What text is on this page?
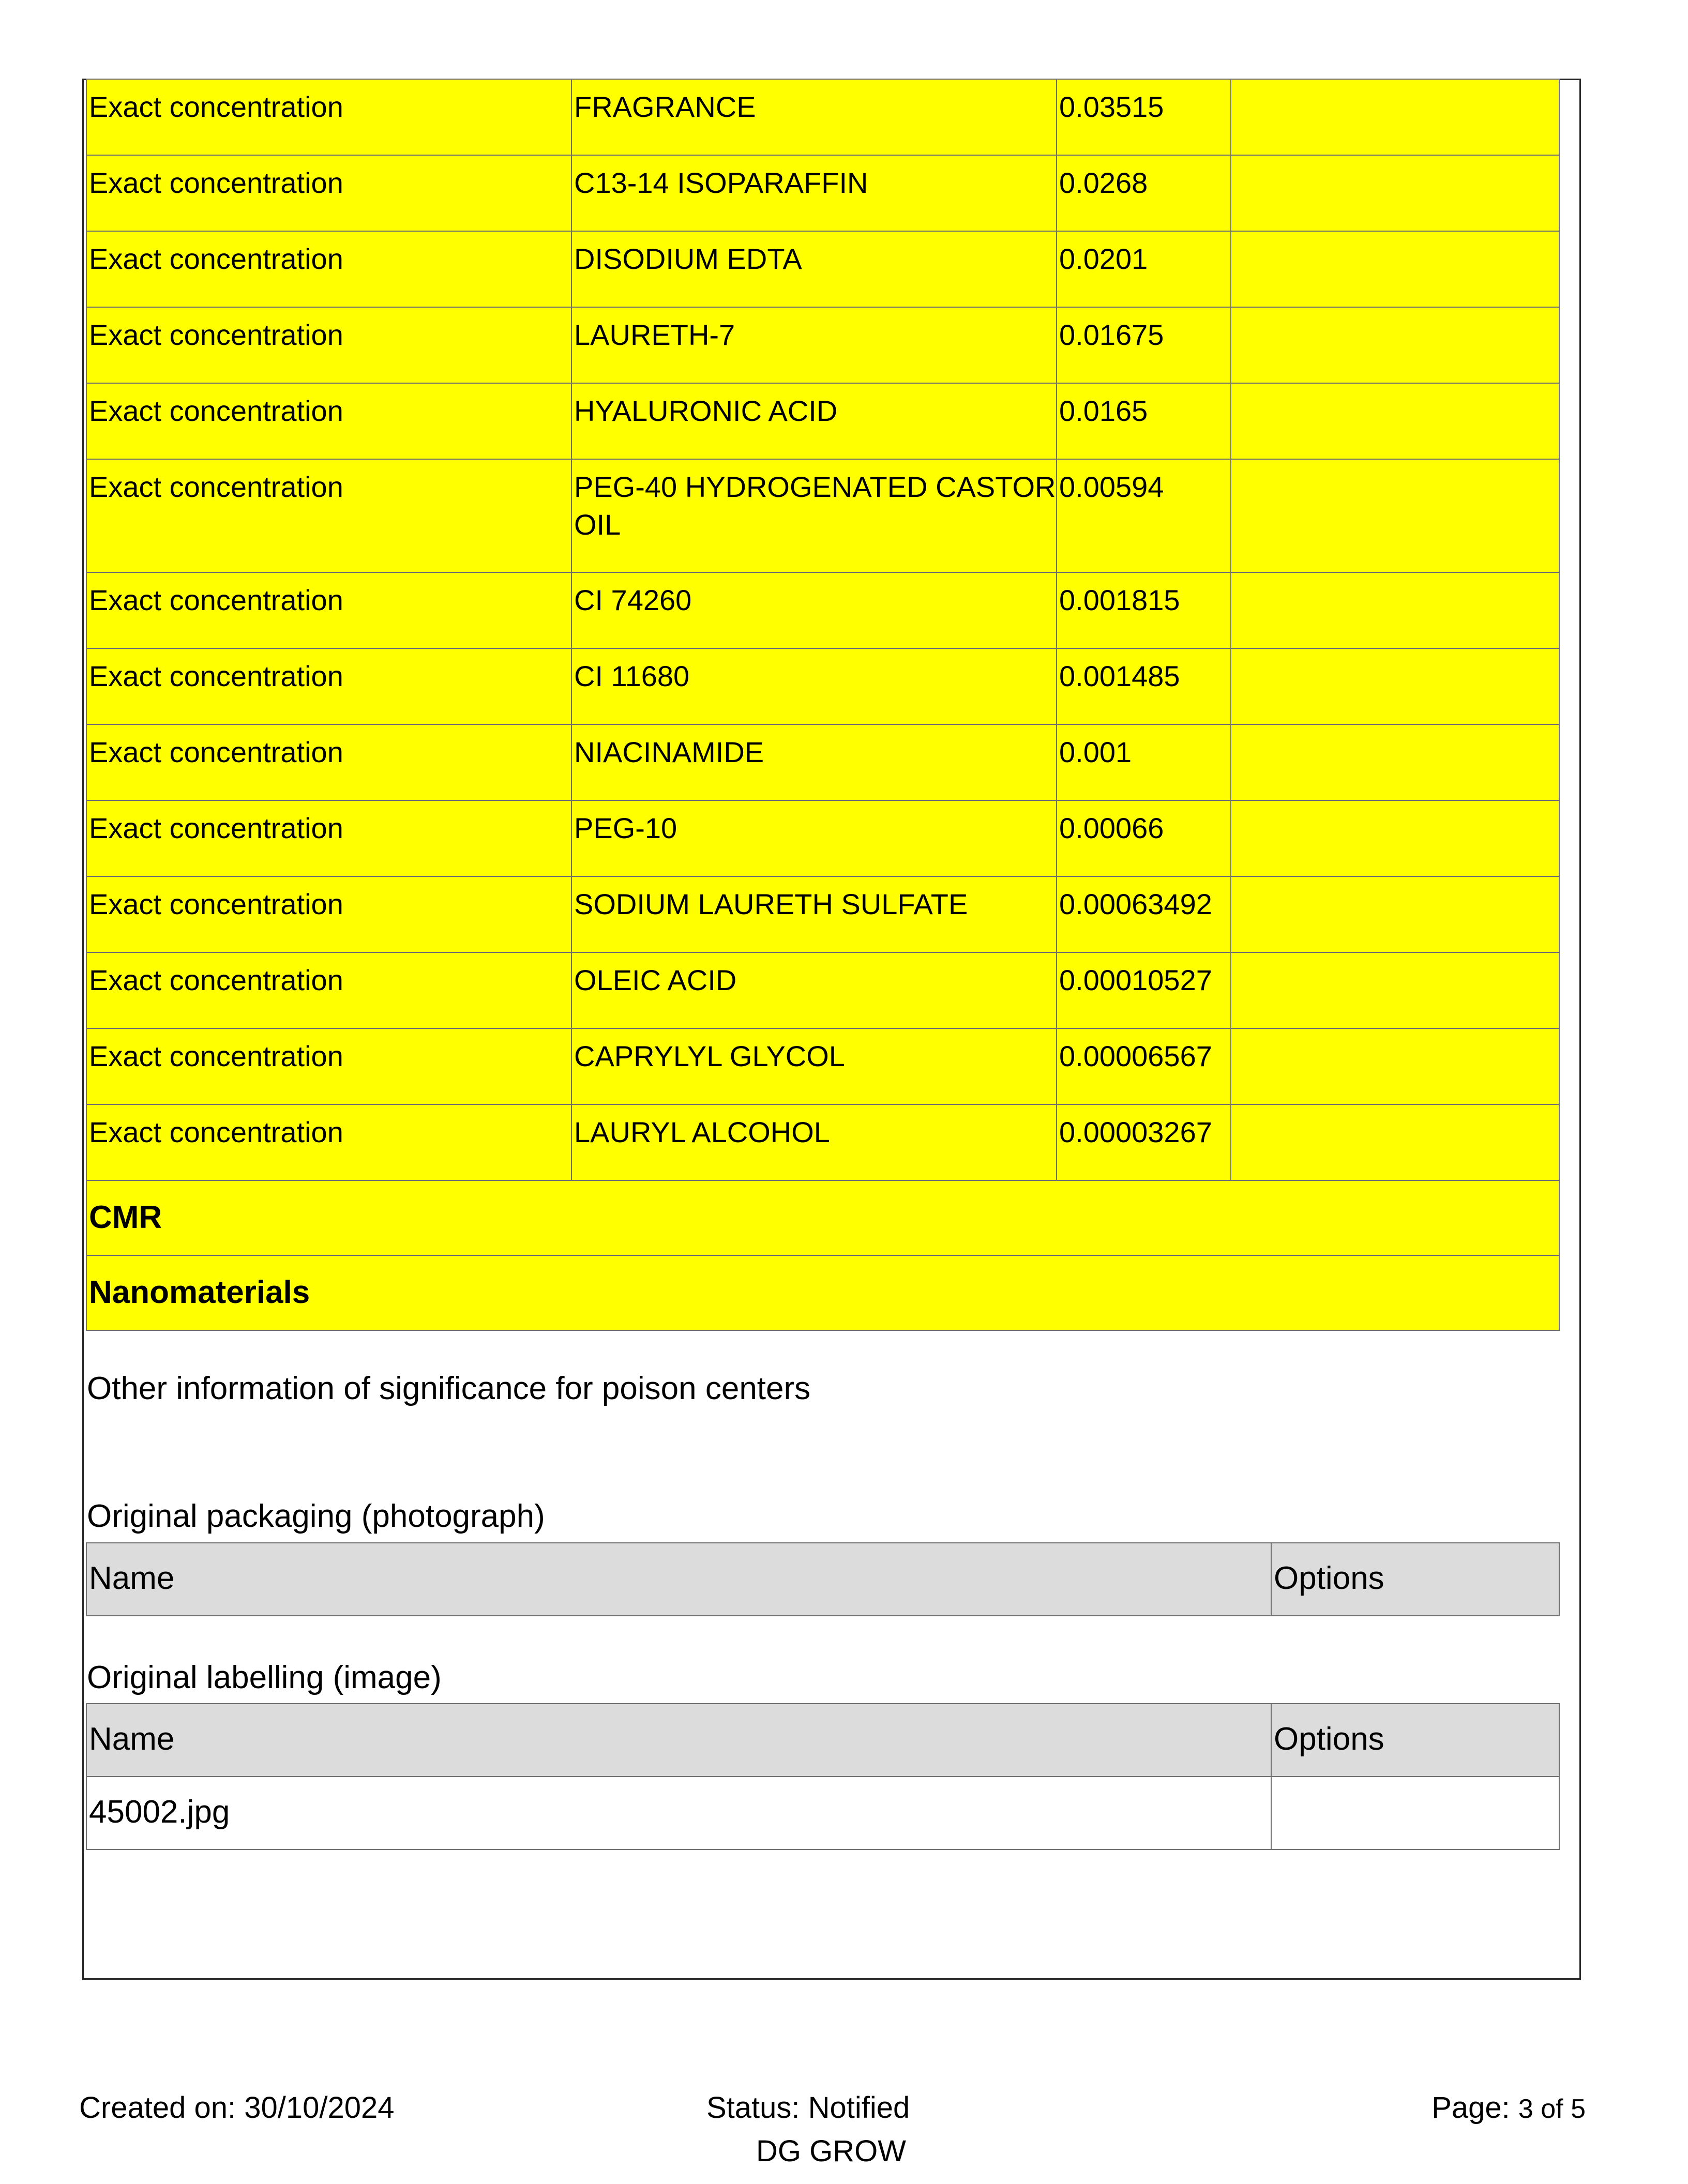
Exact concentration	FRAGRANCE	0.03515	
Exact concentration	C13-14 ISOPARAFFIN	0.0268	
Exact concentration	DISODIUM EDTA	0.0201	
Exact concentration	LAURETH-7	0.01675	
Exact concentration	HYALURONIC ACID	0.0165	
Exact concentration	PEG-40 HYDROGENATED CASTOR OIL	0.00594	
Exact concentration	CI 74260	0.001815	
Exact concentration	CI 11680	0.001485	
Exact concentration	NIACINAMIDE	0.001	
Exact concentration	PEG-10	0.00066	
Exact concentration	SODIUM LAURETH SULFATE	0.00063492	
Exact concentration	OLEIC ACID	0.00010527	
Exact concentration	CAPRYLYL GLYCOL	0.00006567	
Exact concentration	LAURYL ALCOHOL	0.00003267	
CMR			
Nanomaterials			
Other information of significance for poison centers
Original packaging (photograph)
Name	Options
Original labelling (image)
Name	Options
45002.jpg	
Created on: 30/10/2024	Status: Notified
DG GROW
Page: 3 of 5
